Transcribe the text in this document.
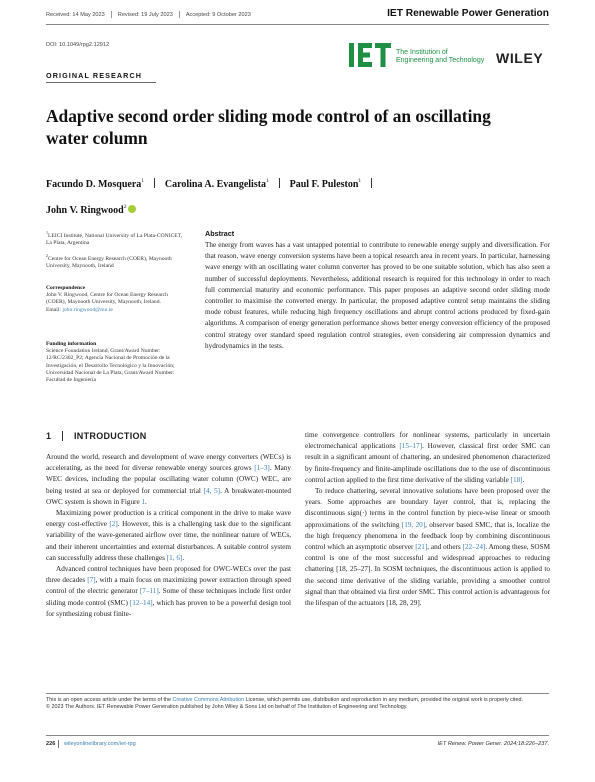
Received: 14 May 2023 Revised: 19 July 2023 Accepted: 9 October 2023	IET Renewable Power Generation
DOI: 10.1049/rpg2.12912
The Institution of
Engineering and Technology WILEY
ORIGINAL RESEARCH
Adaptive second order sliding mode control of an oscillating water column
Facundo D. Mosquera$^1$ Carolina A. Evangelista$^1$ Paul F. Puleston$^1$
John V. Ringwood$^2$
$^1$LEICI Institute, National University of La Plata-CONICET, La Plata, Argentina
$^2$Centre for Ocean Energy Research (COER), Maynooth University, Maynooth, Ireland
Correspondence
John V. Ringwood, Centre for Ocean Energy Research (COER), Maynooth University, Maynooth, Ireland.
Email: john.ringwood@mu.ie
Funding information
Science Foundation Ireland, Grant/Award Number: 12/RC/2302_P2; Agencia Nacional de Promoción de la Investigación, el Desarrollo Tecnológico y la Innovación; Universidad Nacional de La Plata, Grant/Award Number: Facultad de Ingeniería
Abstract
The energy from waves has a vast untapped potential to contribute to renewable energy supply and diversification. For that reason, wave energy conversion systems have been a topical research area in recent years. In particular, harnessing wave energy with an oscillating water column converter has proved to be one suitable solution, which has also seen a number of successful deployments. Nevertheless, additional research is required for this technology in order to reach full commercial maturity and economic performance. This paper proposes an adaptive second order sliding mode controller to maximise the converted energy. In particular, the proposed adaptive control setup maintains the sliding mode robust features, while reducing high frequency oscillations and abrupt control actions produced by fixed-gain algorithms. A comparison of energy generation performance shows better energy conversion efficiency of the proposed control strategy over standard speed regulation control strategies, even considering air compression dynamics and hydrodynamics in the tests.
1	INTRODUCTION

Around the world, research and development of wave energy converters (WECs) is accelerating, as the need for diverse renewable energy sources grows [1–3]. Many WEC devices, including the popular oscillating water column (OWC) WEC, are being tested at sea or deployed for commercial trial [4, 5]. A breakwater-mounted OWC system is shown in Figure 1.

Maximizing power production is a critical component in the drive to make wave energy cost-effective [2]. However, this is a challenging task due to the significant variability of the wave-generated airflow over time, the nonlinear nature of WECs, and their inherent uncertainties and external disturbances. A suitable control system can successfully address these challenges [1, 6].

Advanced control techniques have been proposed for OWC-WECs over the past three decades [7], with a main focus on maximizing power extraction through speed control of the electric generator [7–11]. Some of these techniques include first order sliding mode control (SMC) [12–14], which has proven to be a powerful design tool for synthesizing robust finite-

time convergence controllers for nonlinear systems, particularly in uncertain electromechanical applications [15–17]. However, classical first order SMC can result in a significant amount of chattering, an undesired phenomenon characterized by finite-frequency and finite-amplitude oscillations due to the use of discontinuous control action applied to the first time derivative of the sliding variable [18].

To reduce chattering, several innovative solutions have been proposed over the years. Some approaches are boundary layer control, that is, replacing the discontinuous sign(·) terms in the control function by piece-wise linear or smooth approximations of the switching [19, 20], observer based SMC, that is, localize the the high frequency phenomena in the feedback loop by combining discontinuous control which an asymptotic observer [21], and others [22–24]. Among these, SOSM control is one of the most successful and widespread approaches to reducing chattering [18, 25–27]. In SOSM techniques, the discontinuous action is applied to the second time derivative of the sliding variable, providing a smoother control signal than that obtained via first order SMC. This control action is advantageous for the lifespan of the actuators [18, 28, 29].

This is an open access article under the terms of the Creative Commons Attribution License, which permits use, distribution and reproduction in any medium, provided the original work is properly cited.
© 2023 The Authors. IET Renewable Power Generation published by John Wiley & Sons Ltd on behalf of The Institution of Engineering and Technology.
226 wileyonlinelibrary.com/iet-rpg	IET Renew. Power Gener. 2024;18:226–237.
